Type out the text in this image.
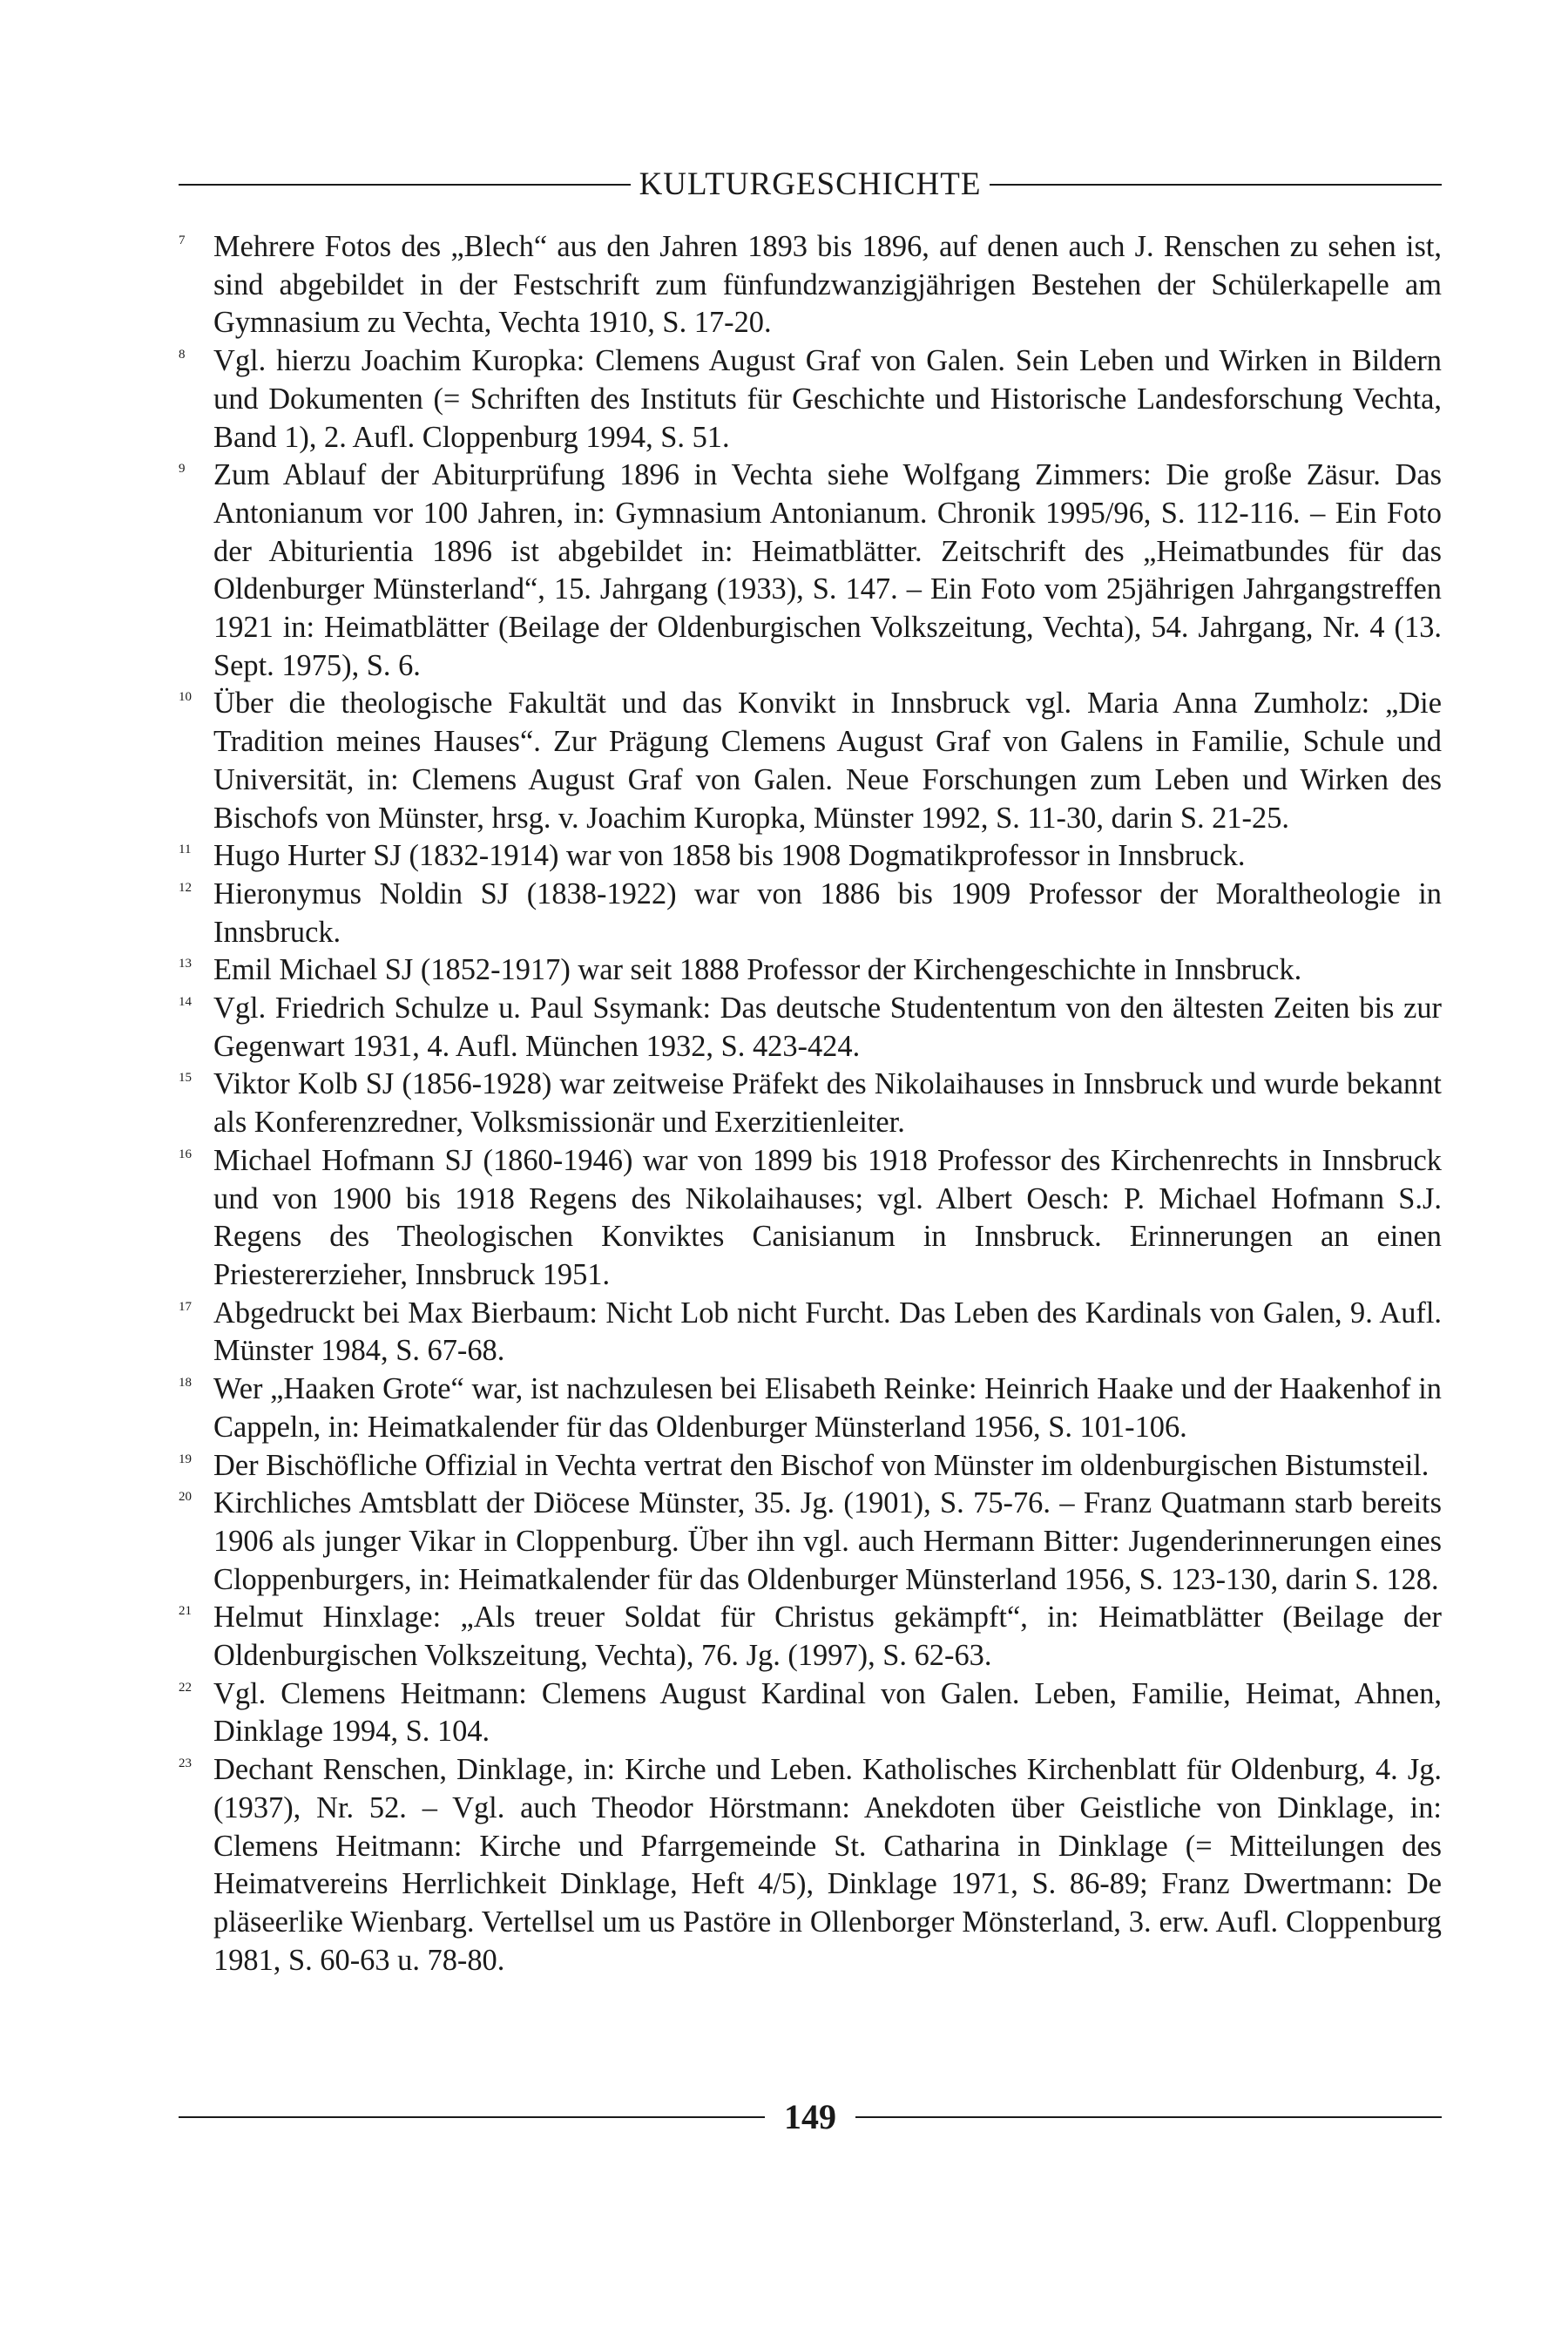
KULTURGESCHICHTE
7 Mehrere Fotos des „Blech“ aus den Jahren 1893 bis 1896, auf denen auch J. Renschen zu sehen ist, sind abgebildet in der Festschrift zum fünfundzwanzigjährigen Bestehen der Schülerkapelle am Gymnasium zu Vechta, Vechta 1910, S. 17-20.
8 Vgl. hierzu Joachim Kuropka: Clemens August Graf von Galen. Sein Leben und Wirken in Bildern und Dokumenten (= Schriften des Instituts für Geschichte und Historische Landesforschung Vechta, Band 1), 2. Aufl. Cloppenburg 1994, S. 51.
9 Zum Ablauf der Abiturprüfung 1896 in Vechta siehe Wolfgang Zimmers: Die große Zäsur. Das Antonianum vor 100 Jahren, in: Gymnasium Antonianum. Chronik 1995/96, S. 112-116. – Ein Foto der Abiturientia 1896 ist abgebildet in: Heimatblätter. Zeitschrift des „Heimatbundes für das Oldenburger Münsterland“, 15. Jahrgang (1933), S. 147. – Ein Foto vom 25jährigen Jahrgangstreffen 1921 in: Heimatblätter (Beilage der Oldenburgischen Volkszeitung, Vechta), 54. Jahrgang, Nr. 4 (13. Sept. 1975), S. 6.
10 Über die theologische Fakultät und das Konvikt in Innsbruck vgl. Maria Anna Zumholz: „Die Tradition meines Hauses“. Zur Prägung Clemens August Graf von Galens in Familie, Schule und Universität, in: Clemens August Graf von Galen. Neue Forschungen zum Leben und Wirken des Bischofs von Münster, hrsg. v. Joachim Kuropka, Münster 1992, S. 11-30, darin S. 21-25.
11 Hugo Hurter SJ (1832-1914) war von 1858 bis 1908 Dogmatikprofessor in Innsbruck.
12 Hieronymus Noldin SJ (1838-1922) war von 1886 bis 1909 Professor der Moraltheologie in Innsbruck.
13 Emil Michael SJ (1852-1917) war seit 1888 Professor der Kirchengeschichte in Innsbruck.
14 Vgl. Friedrich Schulze u. Paul Ssymank: Das deutsche Studententum von den ältesten Zeiten bis zur Gegenwart 1931, 4. Aufl. München 1932, S. 423-424.
15 Viktor Kolb SJ (1856-1928) war zeitweise Präfekt des Nikolaihauses in Innsbruck und wurde bekannt als Konferenzredner, Volksmissionär und Exerzitienleiter.
16 Michael Hofmann SJ (1860-1946) war von 1899 bis 1918 Professor des Kirchenrechts in Innsbruck und von 1900 bis 1918 Regens des Nikolaihauses; vgl. Albert Oesch: P. Michael Hofmann S.J. Regens des Theologischen Konviktes Canisianum in Innsbruck. Erinnerungen an einen Priestererzieher, Innsbruck 1951.
17 Abgedruckt bei Max Bierbaum: Nicht Lob nicht Furcht. Das Leben des Kardinals von Galen, 9. Aufl. Münster 1984, S. 67-68.
18 Wer „Haaken Grote“ war, ist nachzulesen bei Elisabeth Reinke: Heinrich Haake und der Haakenhof in Cappeln, in: Heimatkalender für das Oldenburger Münsterland 1956, S. 101-106.
19 Der Bischöfliche Offizial in Vechta vertrat den Bischof von Münster im oldenburgischen Bistumsteil.
20 Kirchliches Amtsblatt der Diöcese Münster, 35. Jg. (1901), S. 75-76. – Franz Quatmann starb bereits 1906 als junger Vikar in Cloppenburg. Über ihn vgl. auch Hermann Bitter: Jugenderinnerungen eines Cloppenburgers, in: Heimatkalender für das Oldenburger Münsterland 1956, S. 123-130, darin S. 128.
21 Helmut Hinxlage: „Als treuer Soldat für Christus gekämpft“, in: Heimatblätter (Beilage der Oldenburgischen Volkszeitung, Vechta), 76. Jg. (1997), S. 62-63.
22 Vgl. Clemens Heitmann: Clemens August Kardinal von Galen. Leben, Familie, Heimat, Ahnen, Dinklage 1994, S. 104.
23 Dechant Renschen, Dinklage, in: Kirche und Leben. Katholisches Kirchenblatt für Oldenburg, 4. Jg. (1937), Nr. 52. – Vgl. auch Theodor Hörstmann: Anekdoten über Geistliche von Dinklage, in: Clemens Heitmann: Kirche und Pfarrgemeinde St. Catharina in Dinklage (= Mitteilungen des Heimatvereins Herrlichkeit Dinklage, Heft 4/5), Dinklage 1971, S. 86-89; Franz Dwertmann: De pläseerlike Wienbarg. Vertellsel um us Pastöre in Ollenborger Mönsterland, 3. erw. Aufl. Cloppenburg 1981, S. 60-63 u. 78-80.
149
